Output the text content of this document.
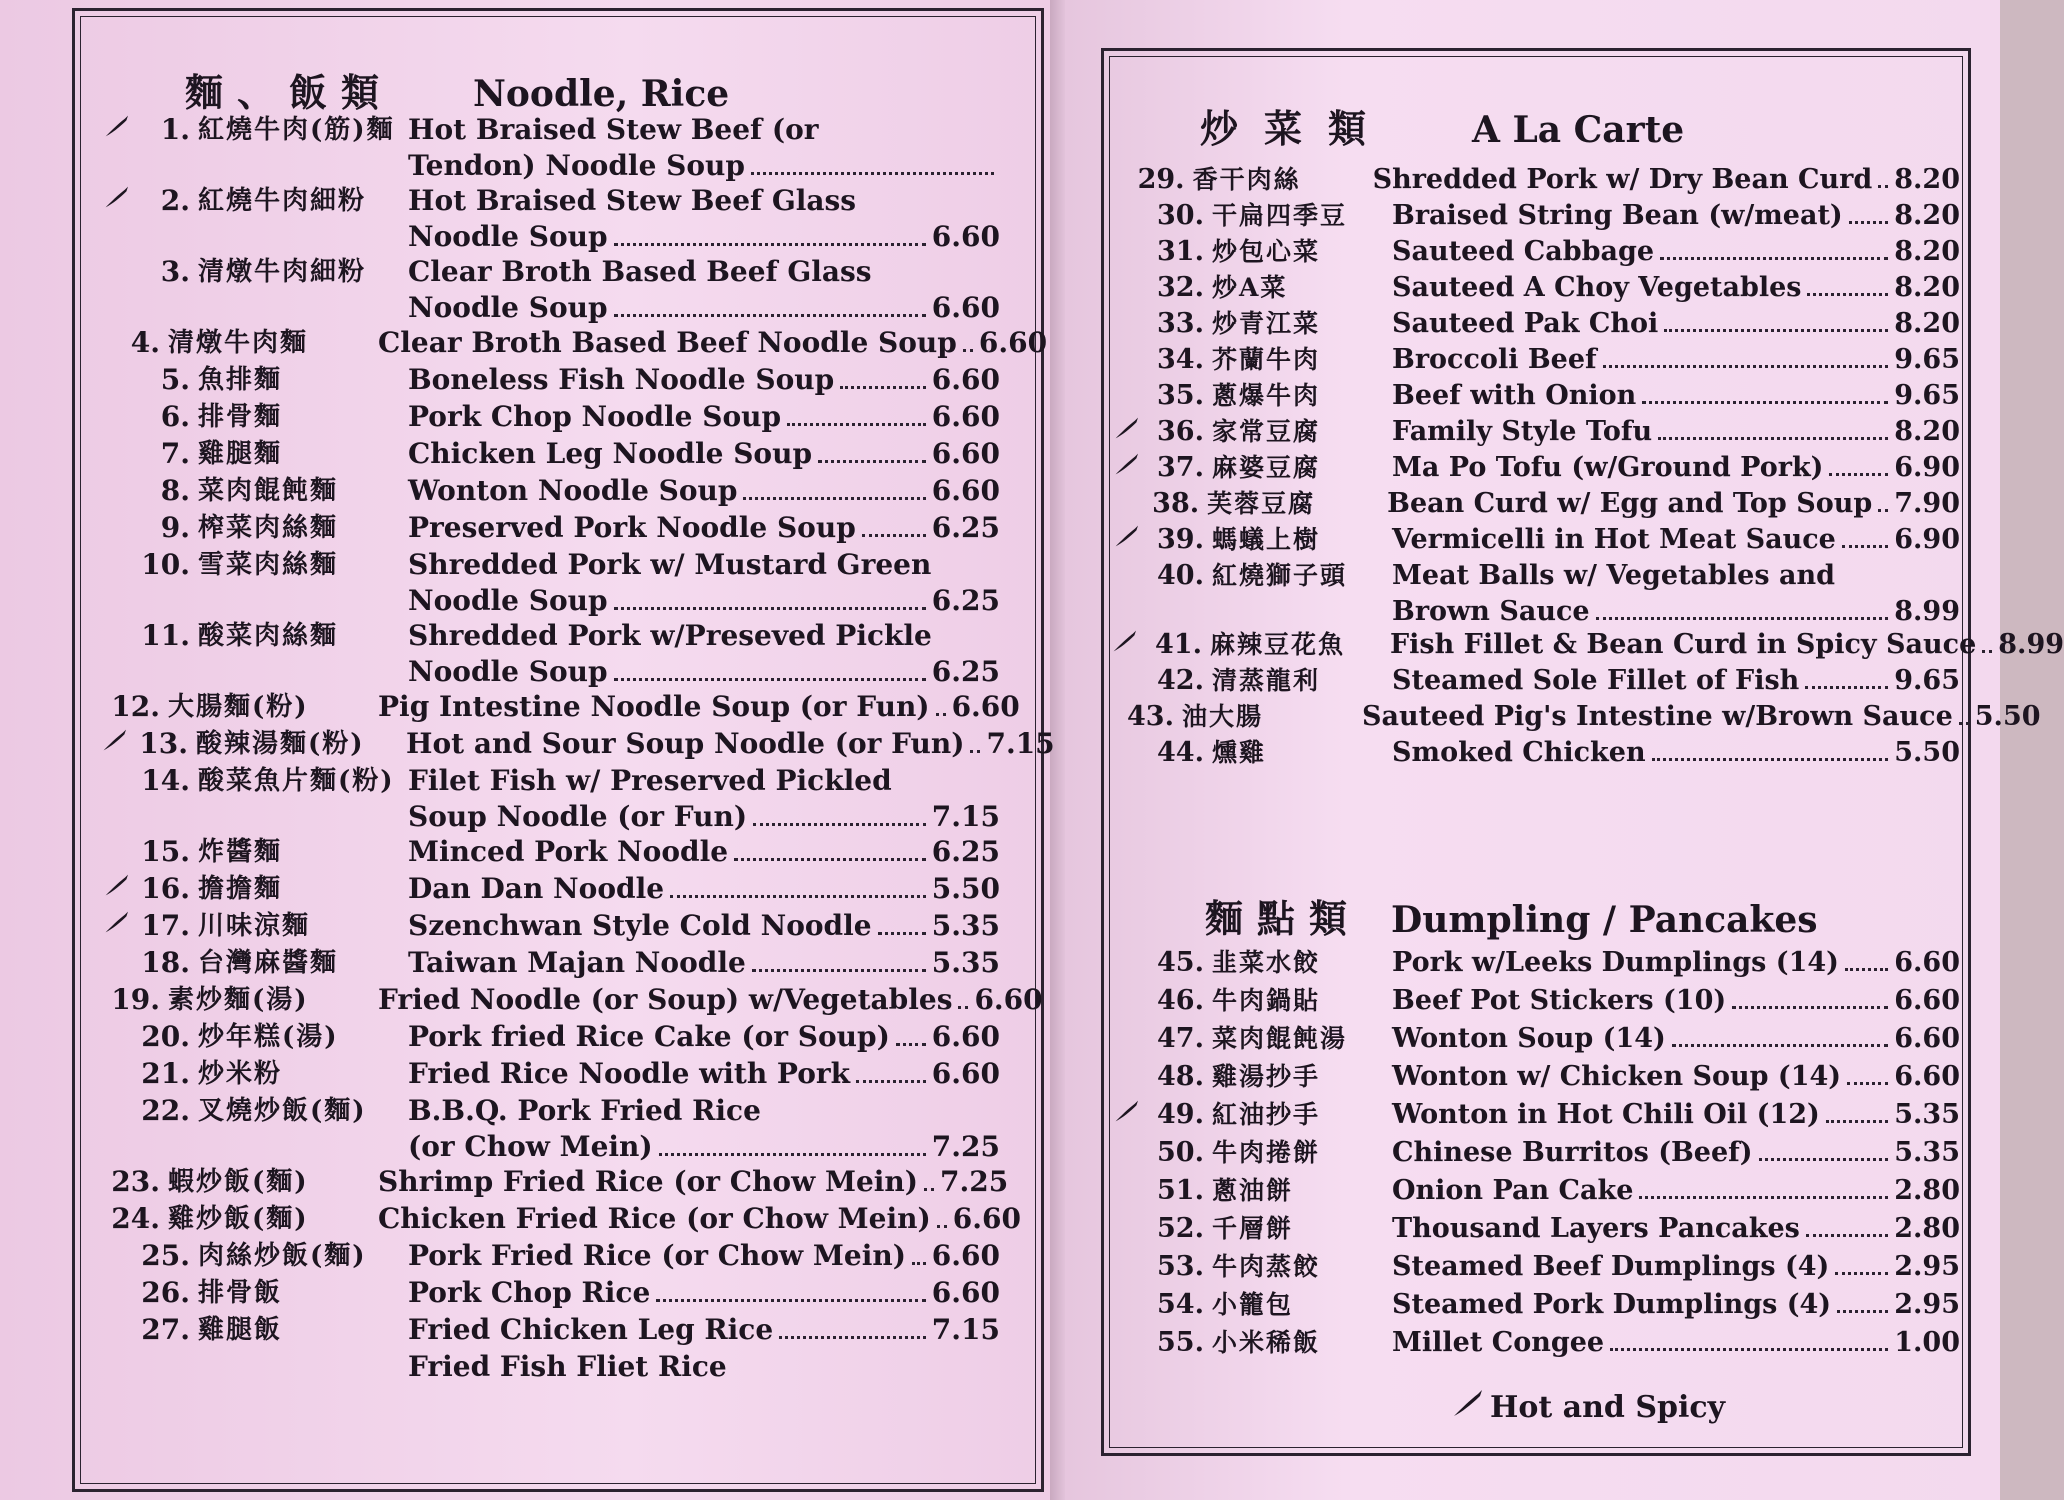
麵、飯類 Noodle, Rice
炒菜類 A La Carte
麵點類 Dumpling / Pancakes
1. 紅燒牛肉(筋)麵 Hot Braised Stew Beef (or
Tendon) Noodle Soup
2. 紅燒牛肉細粉	Hot Braised Stew Beef Glass
Noodle Soup	6.60
3. 清燉牛肉細粉	Clear Broth Based Beef Glass
Noodle Soup	6.60
4. 清燉牛肉麵	Clear Broth Based Beef Noodle Soup 6.60
5. 魚排麵	Boneless Fish Noodle Soup	6.60
6. 排骨麵	Pork Chop Noodle Soup	6.60
7. 雞腿麵	Chicken Leg Noodle Soup	6.60
8. 菜肉餛飩麵	Wonton Noodle Soup	6.60
9. 榨菜肉絲麵	Preserved Pork Noodle Soup	6.25
10. 雪菜肉絲麵	Shredded Pork w/ Mustard Green
Noodle Soup	6.25
11. 酸菜肉絲麵	Shredded Pork w/Preseved Pickle
Noodle Soup	6.25
12. 大腸麵(粉)	Pig Intestine Noodle Soup (or Fun) 6.60
13. 酸辣湯麵(粉)	Hot and Sour Soup Noodle (or Fun) 7.15
14. 酸菜魚片麵(粉) Filet Fish w/ Preserved Pickled
Soup Noodle (or Fun)	7.15
15. 炸醬麵	Minced Pork Noodle	6.25
16. 擔擔麵	Dan Dan Noodle	5.50
17. 川味涼麵	Szenchwan Style Cold Noodle 5.35
18. 台灣麻醬麵	Taiwan Majan Noodle	5.35
19. 素炒麵(湯)	Fried Noodle (or Soup) w/Vegetables 6.60
20. 炒年糕(湯)	Pork fried Rice Cake (or Soup) 6.60
21. 炒米粉	Fried Rice Noodle with Pork	6.60
22. 叉燒炒飯(麵)	B.B.Q. Pork Fried Rice
(or Chow Mein)	7.25
23. 蝦炒飯(麵)	Shrimp Fried Rice (or Chow Mein) 7.25
24. 雞炒飯(麵)	Chicken Fried Rice (or Chow Mein) 6.60
25. 肉絲炒飯(麵)	Pork Fried Rice (or Chow Mein) 6.60
26. 排骨飯	Pork Chop Rice	6.60
27. 雞腿飯	Fried Chicken Leg Rice	7.15
Fried Fish Fliet Rice
29. 香干肉絲	Shredded Pork w/ Dry Bean Curd 8.20
30. 干扁四季豆	Braised String Bean (w/meat) 8.20
31. 炒包心菜	Sauteed Cabbage	8.20
32. 炒A菜	Sauteed A Choy Vegetables	8.20
33. 炒青江菜	Sauteed Pak Choi	8.20
34. 芥蘭牛肉	Broccoli Beef	9.65
35. 蔥爆牛肉	Beef with Onion	9.65
36. 家常豆腐	Family Style Tofu	8.20
37. 麻婆豆腐	Ma Po Tofu (w/Ground Pork)	6.90
38. 芙蓉豆腐	Bean Curd w/ Egg and Top Soup 7.90
39. 螞蟻上樹	Vermicelli in Hot Meat Sauce 6.90
40. 紅燒獅子頭	Meat Balls w/ Vegetables and
Brown Sauce	8.99
41. 麻辣豆花魚	Fish Fillet & Bean Curd in Spicy Sauce 8.99
42. 清蒸龍利	Steamed Sole Fillet of Fish	9.65
43. 油大腸	Sauteed Pig's Intestine w/Brown Sauce 5.50
44. 燻雞	Smoked Chicken	5.50
45. 韭菜水餃	Pork w/Leeks Dumplings (14) 6.60
46. 牛肉鍋貼	Beef Pot Stickers (10)	6.60
47. 菜肉餛飩湯	Wonton Soup (14)	6.60
48. 雞湯抄手	Wonton w/ Chicken Soup (14) 6.60
49. 紅油抄手	Wonton in Hot Chili Oil (12)	5.35
50. 牛肉捲餅	Chinese Burritos (Beef)	5.35
51. 蔥油餅	Onion Pan Cake	2.80
52. 千層餅	Thousand Layers Pancakes	2.80
53. 牛肉蒸餃	Steamed Beef Dumplings (4) 2.95
54. 小籠包	Steamed Pork Dumplings (4) 2.95
55. 小米稀飯	Millet Congee	1.00
Hot and Spicy
